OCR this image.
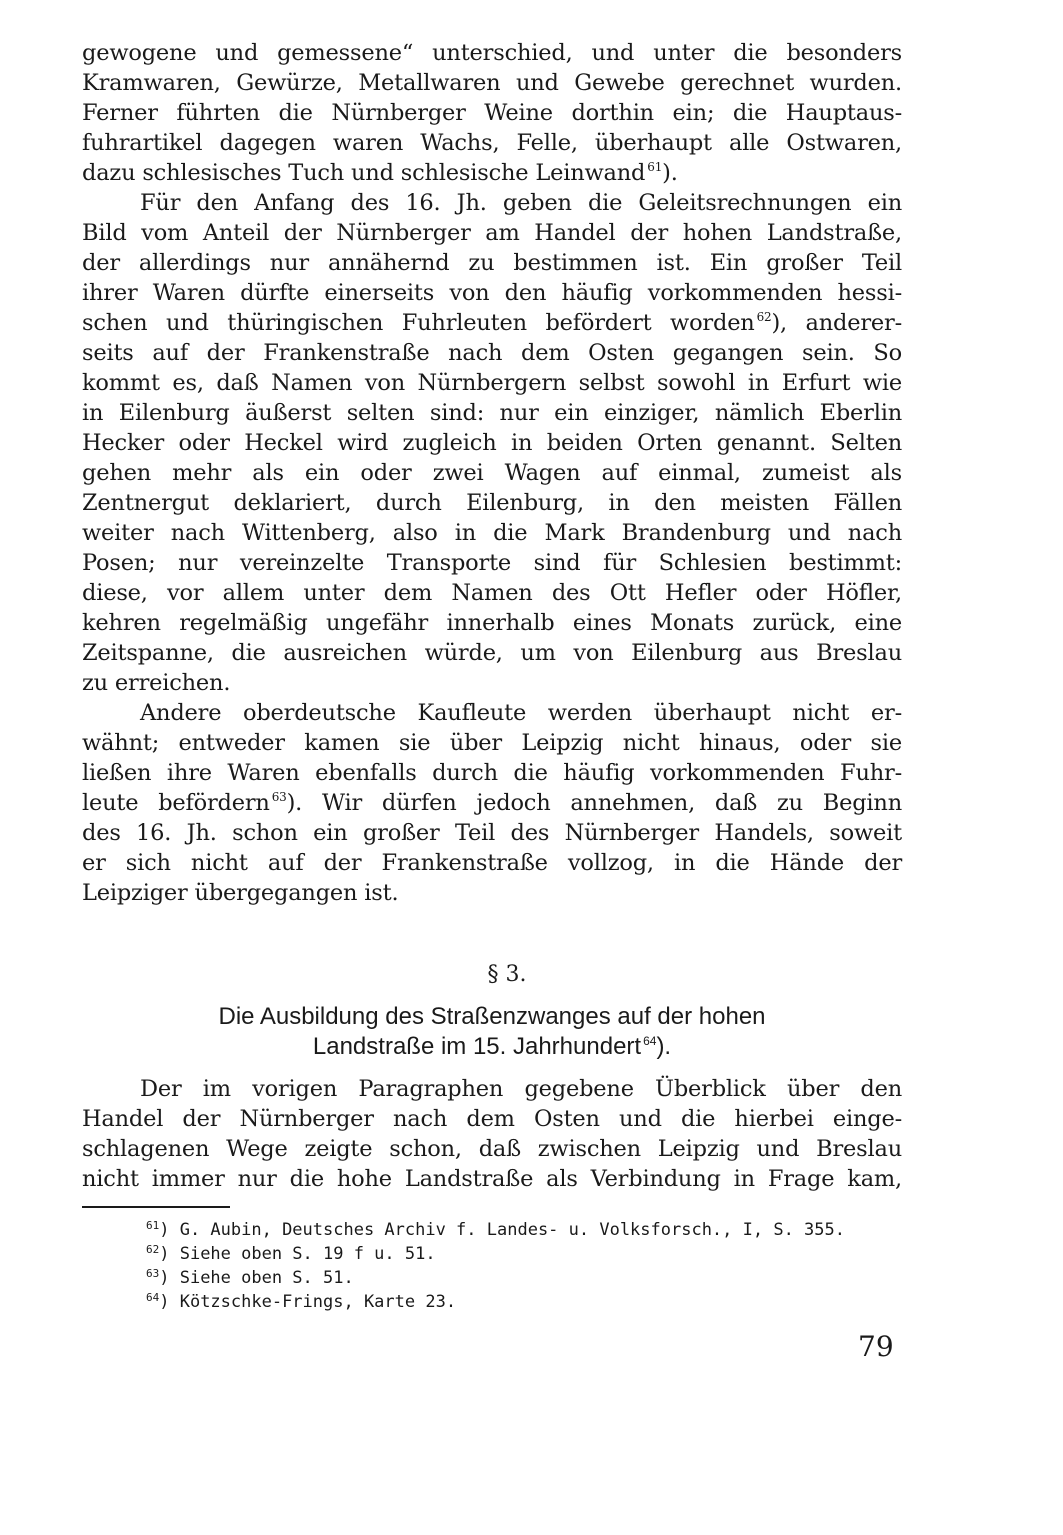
gewogene und gemessene“ unterschied, und unter die besonders
Kramwaren, Gewürze, Metallwaren und Gewebe gerechnet wurden.
Ferner führten die Nürnberger Weine dorthin ein; die Hauptaus-
fuhrartikel dagegen waren Wachs, Felle, überhaupt alle Ostwaren,
dazu schlesisches Tuch und schlesische Leinwand $^{61}$).
Für den Anfang des 16. Jh. geben die Geleitsrechnungen ein
Bild vom Anteil der Nürnberger am Handel der hohen Landstraße,
der allerdings nur annähernd zu bestimmen ist. Ein großer Teil
ihrer Waren dürfte einerseits von den häufig vorkommenden hessi-
schen und thüringischen Fuhrleuten befördert worden $^{62}$), anderer-
seits auf der Frankenstraße nach dem Osten gegangen sein. So
kommt es, daß Namen von Nürnbergern selbst sowohl in Erfurt wie
in Eilenburg äußerst selten sind: nur ein einziger, nämlich Eberlin
Hecker oder Heckel wird zugleich in beiden Orten genannt. Selten
gehen mehr als ein oder zwei Wagen auf einmal, zumeist als
Zentnergut deklariert, durch Eilenburg, in den meisten Fällen
weiter nach Wittenberg, also in die Mark Brandenburg und nach
Posen; nur vereinzelte Transporte sind für Schlesien bestimmt:
diese, vor allem unter dem Namen des Ott Hefler oder Höfler,
kehren regelmäßig ungefähr innerhalb eines Monats zurück, eine
Zeitspanne, die ausreichen würde, um von Eilenburg aus Breslau
zu erreichen.
Andere oberdeutsche Kaufleute werden überhaupt nicht er-
wähnt; entweder kamen sie über Leipzig nicht hinaus, oder sie
ließen ihre Waren ebenfalls durch die häufig vorkommenden Fuhr-
leute befördern $^{63}$). Wir dürfen jedoch annehmen, daß zu Beginn
des 16. Jh. schon ein großer Teil des Nürnberger Handels, soweit
er sich nicht auf der Frankenstraße vollzog, in die Hände der
Leipziger übergegangen ist.
§ 3.
Die Ausbildung des Straßenzwanges auf der hohen
Landstraße im 15. Jahrhundert $^{64}$).
Der im vorigen Paragraphen gegebene Überblick über den
Handel der Nürnberger nach dem Osten und die hierbei einge-
schlagenen Wege zeigte schon, daß zwischen Leipzig und Breslau
nicht immer nur die hohe Landstraße als Verbindung in Frage kam,
$^{61}$) G. Aubin, Deutsches Archiv f. Landes- u. Volksforsch., I, S. 355.
$^{62}$) Siehe oben S. 19 f u. 51.
$^{63}$) Siehe oben S. 51.
$^{64}$) Kötzschke-Frings, Karte 23.
79
